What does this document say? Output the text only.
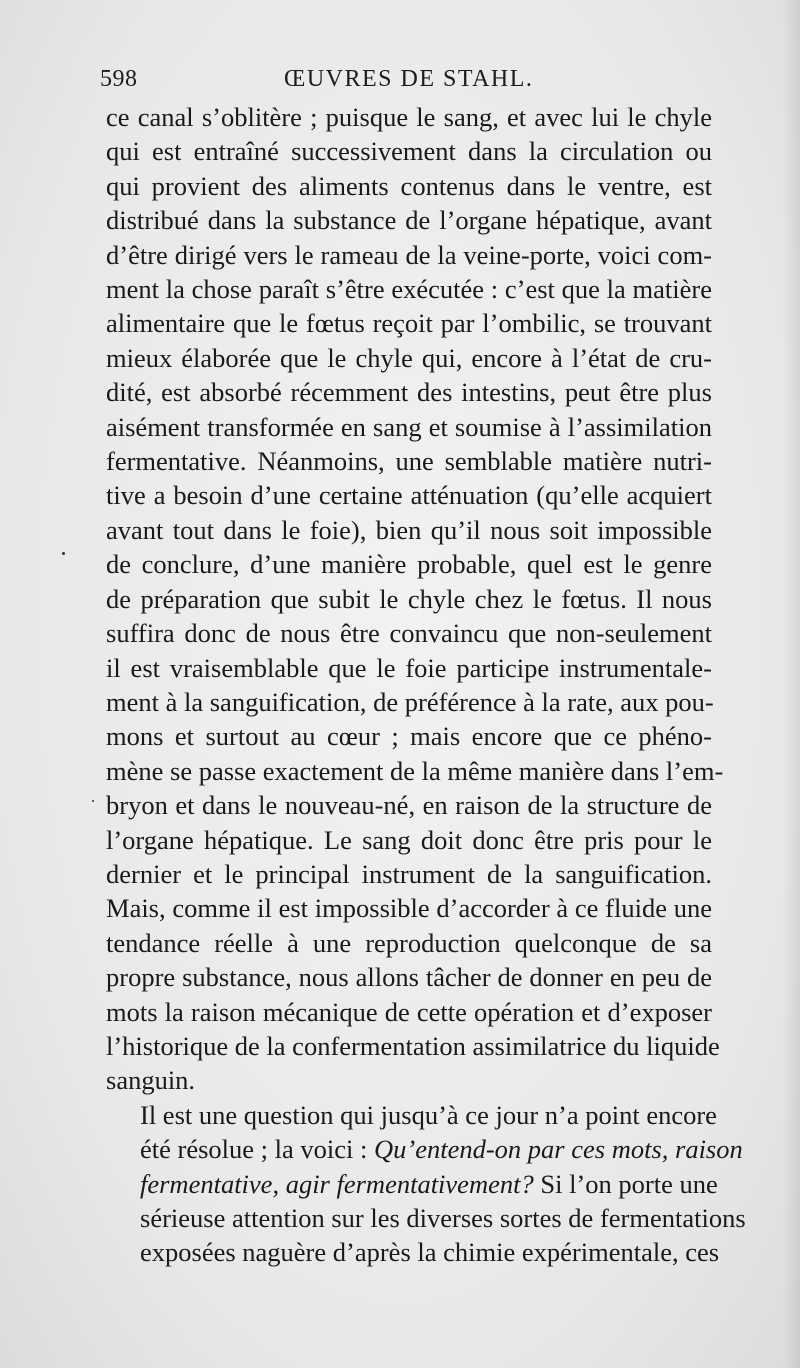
598	ŒUVRES DE STAHL.

ce canal s’oblitère ; puisque le sang, et avec lui le chyle
qui est entraîné successivement dans la circulation ou
qui provient des aliments contenus dans le ventre, est
distribué dans la substance de l’organe hépatique, avant
d’être dirigé vers le rameau de la veine-porte, voici com-
ment la chose paraît s’être exécutée : c’est que la matière
alimentaire que le fœtus reçoit par l’ombilic, se trouvant
mieux élaborée que le chyle qui, encore à l’état de cru-
dité, est absorbé récemment des intestins, peut être plus
aisément transformée en sang et soumise à l’assimilation
fermentative. Néanmoins, une semblable matière nutri-
tive a besoin d’une certaine atténuation (qu’elle acquiert
avant tout dans le foie), bien qu’il nous soit impossible
de conclure, d’une manière probable, quel est le genre
de préparation que subit le chyle chez le fœtus. Il nous
suffira donc de nous être convaincu que non-seulement
il est vraisemblable que le foie participe instrumentale-
ment à la sanguification, de préférence à la rate, aux pou-
mons et surtout au cœur ; mais encore que ce phéno-
mène se passe exactement de la même manière dans l’em-
bryon et dans le nouveau-né, en raison de la structure de
l’organe hépatique. Le sang doit donc être pris pour le
dernier et le principal instrument de la sanguification.
Mais, comme il est impossible d’accorder à ce fluide une
tendance réelle à une reproduction quelconque de sa
propre substance, nous allons tâcher de donner en peu de
mots la raison mécanique de cette opération et d’exposer
l’historique de la confermentation assimilatrice du liquide
sanguin.

Il est une question qui jusqu’à ce jour n’a point encore
été résolue ; la voici : Qu’entend-on par ces mots, raison
fermentative, agir fermentativement? Si l’on porte une
sérieuse attention sur les diverses sortes de fermentations
exposées naguère d’après la chimie expérimentale, ces
